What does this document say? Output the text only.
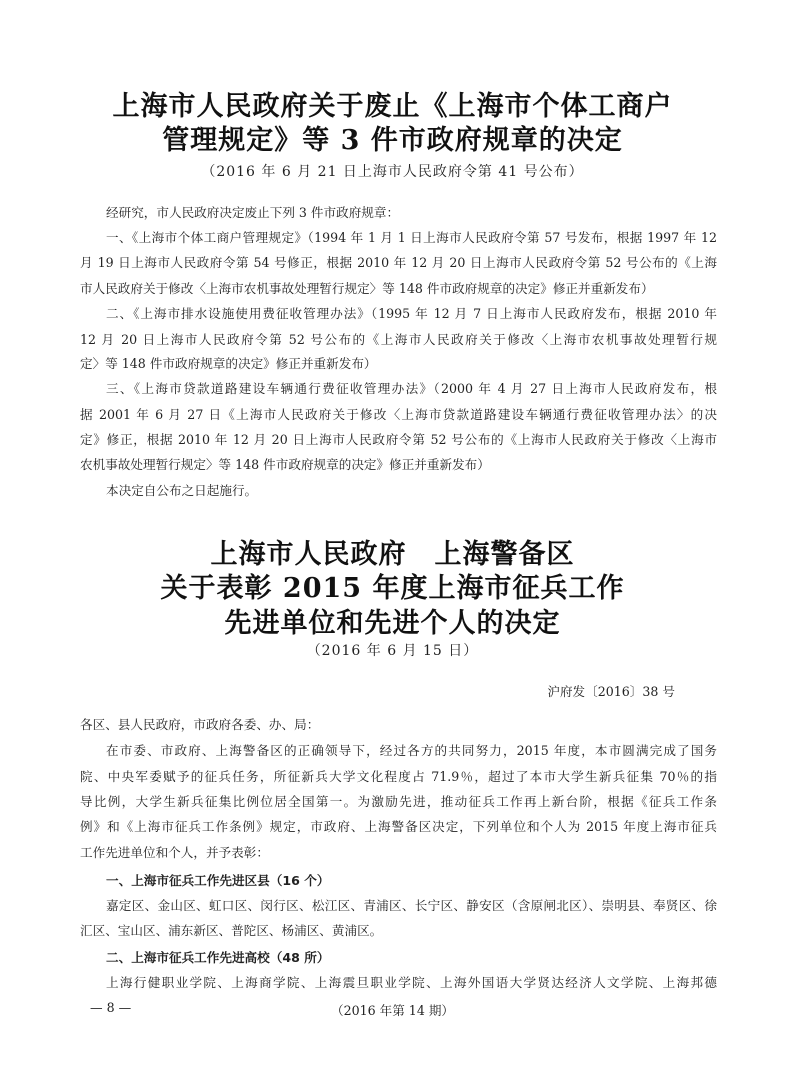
上海市人民政府关于废止《上海市个体工商户
管理规定》等 3 件市政府规章的决定
（2016 年 6 月 21 日上海市人民政府令第 41 号公布）
经研究，市人民政府决定废止下列 3 件市政府规章：
一、《上海市个体工商户管理规定》（1994 年 1 月 1 日上海市人民政府令第 57 号发布，根据 1997 年 12
月 19 日上海市人民政府令第 54 号修正，根据 2010 年 12 月 20 日上海市人民政府令第 52 号公布的《上海
市人民政府关于修改〈上海市农机事故处理暂行规定〉等 148 件市政府规章的决定》修正并重新发布）
二、《上海市排水设施使用费征收管理办法》（1995 年 12 月 7 日上海市人民政府发布，根据 2010 年
12 月 20 日上海市人民政府令第 52 号公布的《上海市人民政府关于修改〈上海市农机事故处理暂行规
定〉等 148 件市政府规章的决定》修正并重新发布）
三、《上海市贷款道路建设车辆通行费征收管理办法》（2000 年 4 月 27 日上海市人民政府发布，根
据 2001 年 6 月 27 日《上海市人民政府关于修改〈上海市贷款道路建设车辆通行费征收管理办法〉的决
定》修正，根据 2010 年 12 月 20 日上海市人民政府令第 52 号公布的《上海市人民政府关于修改〈上海市
农机事故处理暂行规定〉等 148 件市政府规章的决定》修正并重新发布）
本决定自公布之日起施行。
上海市人民政府　上海警备区
关于表彰 2015 年度上海市征兵工作
先进单位和先进个人的决定
（2016 年 6 月 15 日）
沪府发〔2016〕38 号
各区、县人民政府，市政府各委、办、局：
在市委、市政府、上海警备区的正确领导下，经过各方的共同努力，2015 年度，本市圆满完成了国务
院、中央军委赋予的征兵任务，所征新兵大学文化程度占 71.9％，超过了本市大学生新兵征集 70％的指
导比例，大学生新兵征集比例位居全国第一。为激励先进，推动征兵工作再上新台阶，根据《征兵工作条
例》和《上海市征兵工作条例》规定，市政府、上海警备区决定，下列单位和个人为 2015 年度上海市征兵
工作先进单位和个人，并予表彰：
一、上海市征兵工作先进区县（16 个）
嘉定区、金山区、虹口区、闵行区、松江区、青浦区、长宁区、静安区（含原闸北区）、崇明县、奉贤区、徐
汇区、宝山区、浦东新区、普陀区、杨浦区、黄浦区。
二、上海市征兵工作先进高校（48 所）
上海行健职业学院、上海商学院、上海震旦职业学院、上海外国语大学贤达经济人文学院、上海邦德
— 8 —	（2016 年第 14 期）
